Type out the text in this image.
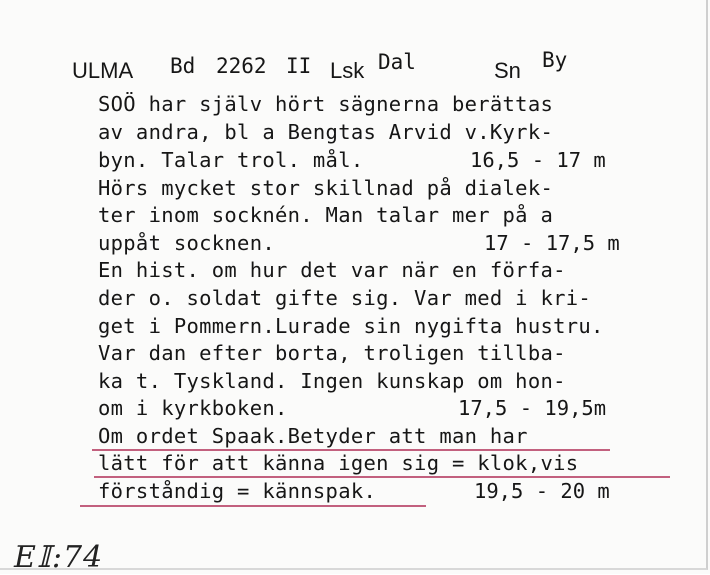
ULMA Bd 2262 II Lsk Dal	Sn By
SOÖ har själv hört sägnerna berättas
av andra, bl a Bengtas Arvid v.Kyrk-
byn. Talar trol. mål.
Hörs mycket stor skillnad på dialek-
ter inom socknén. Man talar mer på a
uppåt socknen.
En hist. om hur det var när en förfa-
der o. soldat gifte sig. Var med i kri-
get i Pommern.Lurade sin nygifta hustru.
Var dan efter borta, troligen tillba-
ka t. Tyskland. Ingen kunskap om hon-
om i kyrkboken.
Om ordet Spaak.Betyder att man har
lätt för att känna igen sig = klok,vis
förståndig = kännspak.
16,5 - 17 m
17 - 17,5 m
17,5 - 19,5m
19,5 - 20 m
E𝕀:74
